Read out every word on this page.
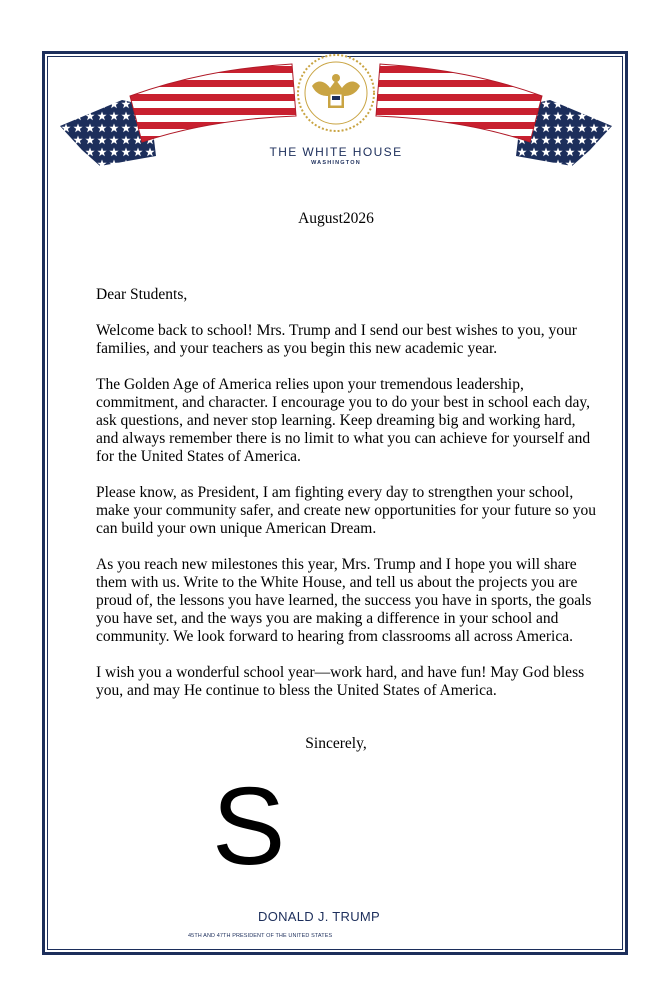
THE WHITE HOUSE
WASHINGTON
August2026

Dear Students,

Welcome back to school! Mrs. Trump and I send our best wishes to you, your families, and your teachers as you begin this new academic year.

The Golden Age of America relies upon your tremendous leadership, commitment, and character. I encourage you to do your best in school each day, ask questions, and never stop learning. Keep dreaming big and working hard, and always remember there is no limit to what you can achieve for yourself and for the United States of America.

Please know, as President, I am fighting every day to strengthen your school, make your community safer, and create new opportunities for your future so you can build your own unique American Dream.

As you reach new milestones this year, Mrs. Trump and I hope you will share them with us. Write to the White House, and tell us about the projects you are proud of, the lessons you have learned, the success you have in sports, the goals you have set, and the ways you are making a difference in your school and community. We look forward to hearing from classrooms all across America.

I wish you a wonderful school year—work hard, and have fun! May God bless you, and may He continue to bless the United States of America.

Sincerely,
S
DONALD J. TRUMP
45TH AND 47TH PRESIDENT OF THE UNITED STATES
